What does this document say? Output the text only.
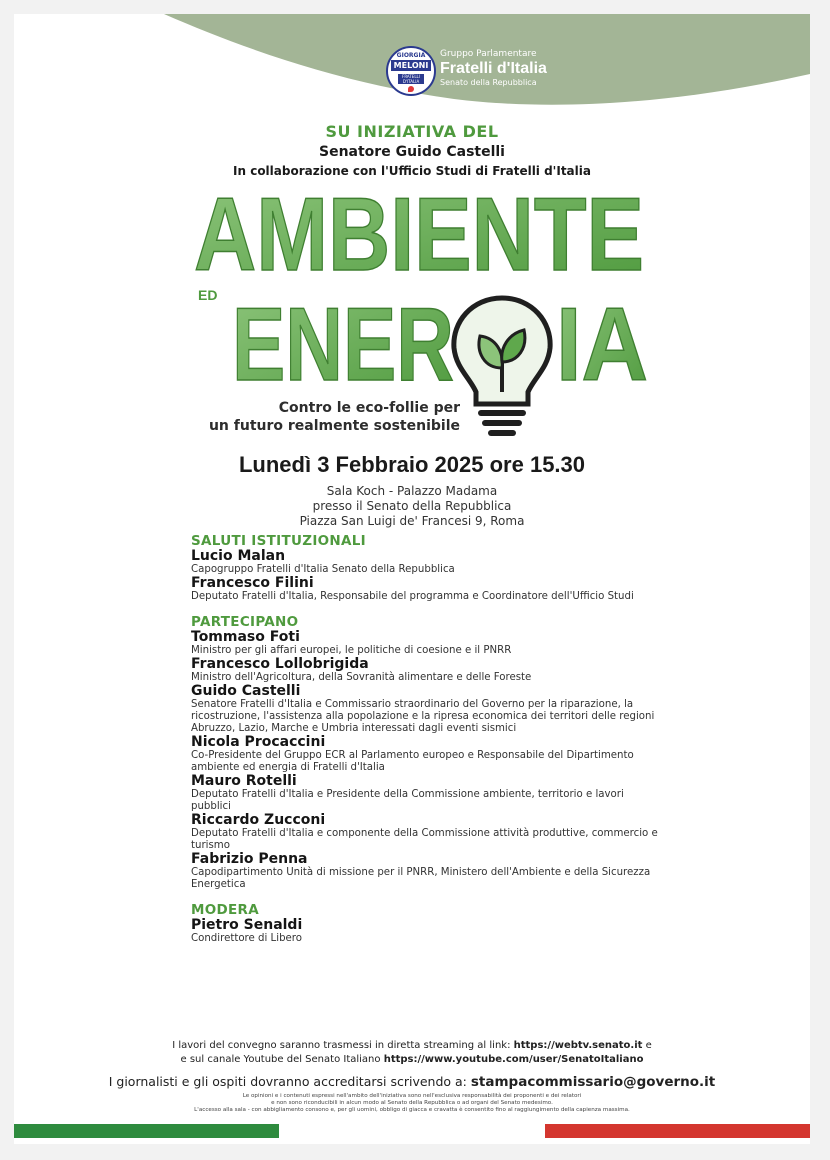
GIORGIA
MELONI
FRATELLI D'ITALIA
Gruppo Parlamentare
Fratelli d'Italia
Senato della Repubblica
SU INIZIATIVA DEL
Senatore Guido Castelli
In collaborazione con l'Ufficio Studi di Fratelli d'Italia
AMBIENTE
ED ENER IA
Contro le eco-follie per
un futuro realmente sostenibile
Lunedì 3 Febbraio 2025 ore 15.30
Sala Koch - Palazzo Madama
presso il Senato della Repubblica
Piazza San Luigi de' Francesi 9, Roma
SALUTI ISTITUZIONALI
Lucio Malan
Capogruppo Fratelli d'Italia Senato della Repubblica
Francesco Filini
Deputato Fratelli d'Italia, Responsabile del programma e Coordinatore dell'Ufficio Studi
PARTECIPANO
Tommaso Foti
Ministro per gli affari europei, le politiche di coesione e il PNRR
Francesco Lollobrigida
Ministro dell'Agricoltura, della Sovranità alimentare e delle Foreste
Guido Castelli
Senatore Fratelli d'Italia e Commissario straordinario del Governo per la riparazione, la ricostruzione, l'assistenza alla popolazione e la ripresa economica dei territori delle regioni Abruzzo, Lazio, Marche e Umbria interessati dagli eventi sismici
Nicola Procaccini
Co-Presidente del Gruppo ECR al Parlamento europeo e Responsabile del Dipartimento ambiente ed energia di Fratelli d'Italia
Mauro Rotelli
Deputato Fratelli d'Italia e Presidente della Commissione ambiente, territorio e lavori pubblici
Riccardo Zucconi
Deputato Fratelli d'Italia e componente della Commissione attività produttive, commercio e turismo
Fabrizio Penna
Capodipartimento Unità di missione per il PNRR, Ministero dell'Ambiente e della Sicurezza Energetica
MODERA
Pietro Senaldi
Condirettore di Libero
I lavori del convegno saranno trasmessi in diretta streaming al link: https://webtv.senato.it e
e sul canale Youtube del Senato Italiano https://www.youtube.com/user/SenatoItaliano
I giornalisti e gli ospiti dovranno accreditarsi scrivendo a: stampacommissario@governo.it
Le opinioni e i contenuti espressi nell'ambito dell'iniziativa sono nell'esclusiva responsabilità dei proponenti e dei relatori
e non sono riconducibili in alcun modo al Senato della Repubblica o ad organi del Senato medesimo.
L'accesso alla sala - con abbigliamento consono e, per gli uomini, obbligo di giacca e cravatta è consentito fino al raggiungimento della capienza massima.
